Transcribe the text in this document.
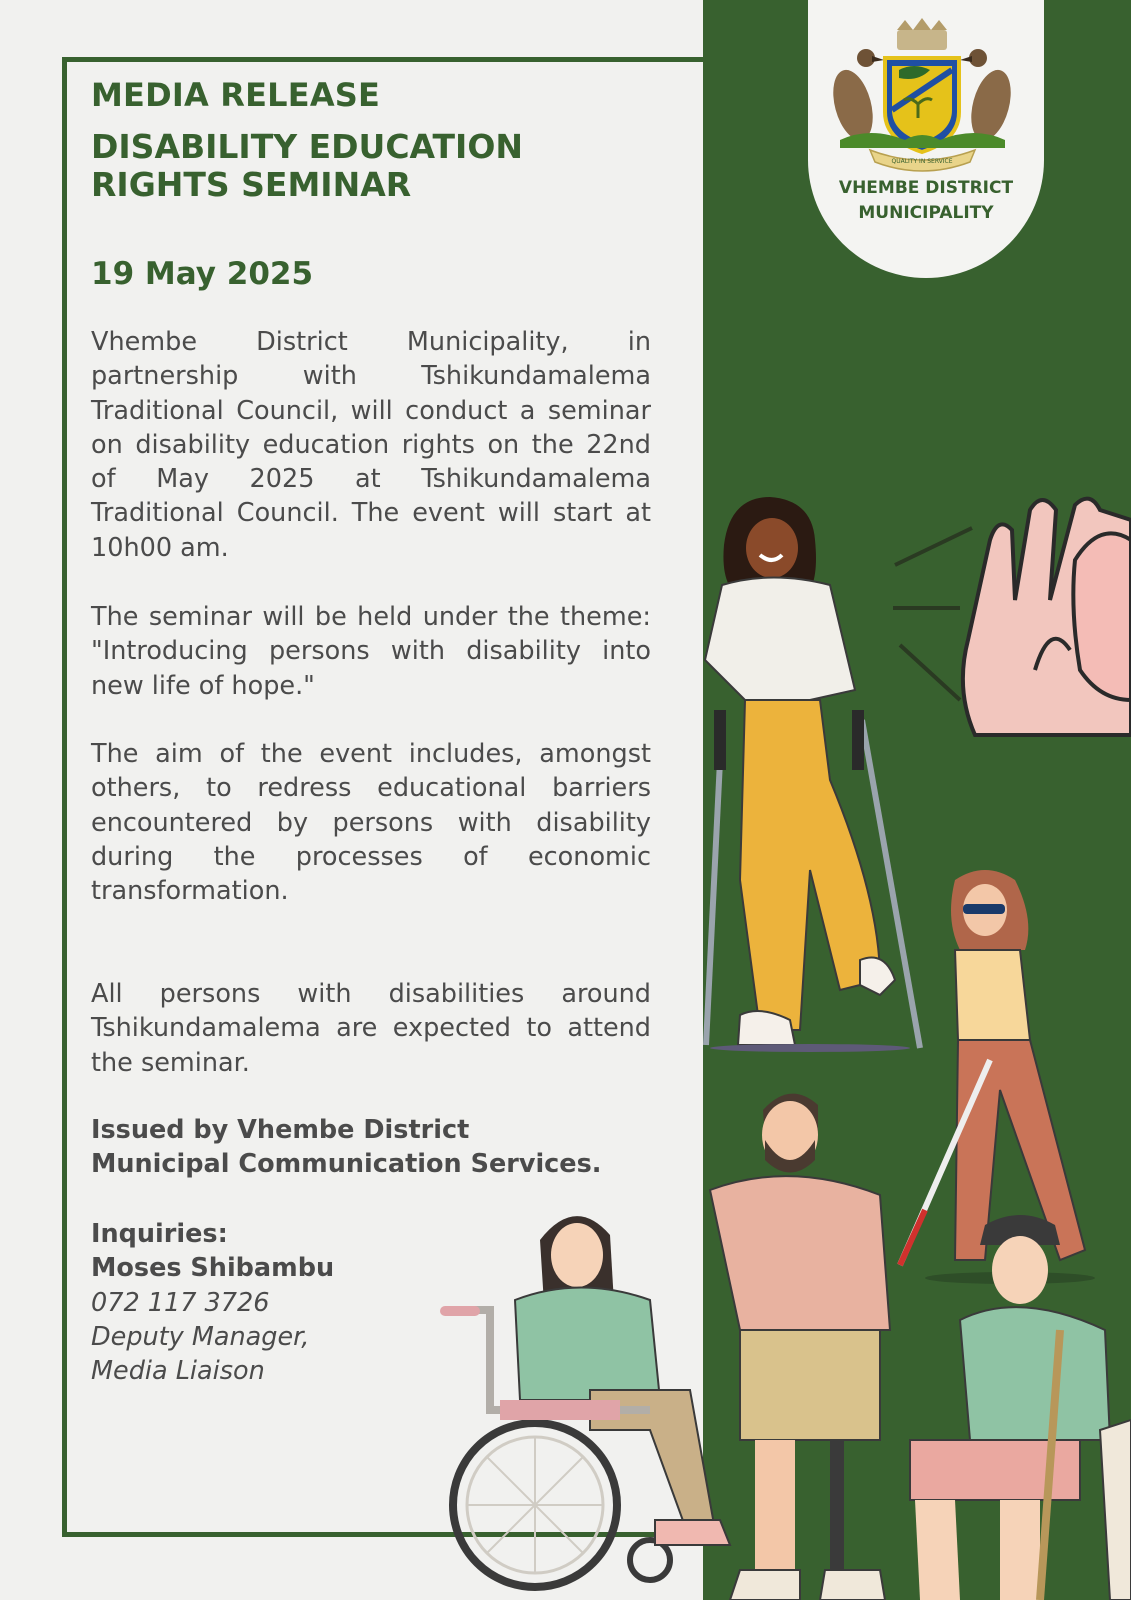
MEDIA RELEASE
DISABILITY EDUCATION
RIGHTS SEMINAR
19 May 2025
Vhembe District Municipality, in partnership with Tshikundamalema Traditional Council, will conduct a seminar on disability education rights on the 22nd of May 2025 at Tshikundamalema Traditional Council. The event will start at 10h00 am.
The seminar will be held under the theme: "Introducing persons with disability into new life of hope."
The aim of the event includes, amongst others, to redress educational barriers encountered by persons with disability during the processes of economic transformation.
All persons with disabilities around Tshikundamalema are expected to attend the seminar.
Issued by Vhembe District
Municipal Communication Services.
Inquiries:
Moses Shibambu
072 117 3726
Deputy Manager,
Media Liaison
QUALITY IN SERVICE
VHEMBE DISTRICT
MUNICIPALITY
